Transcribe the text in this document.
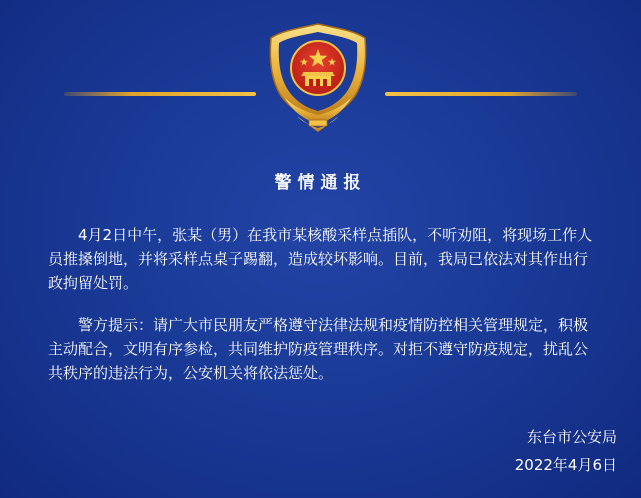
警情通报

4月2日中午，张某（男）在我市某核酸采样点插队，不听劝阻，将现场工作人员推搡倒地，并将采样点桌子踢翻，造成较坏影响。目前，我局已依法对其作出行政拘留处罚。

警方提示：请广大市民朋友严格遵守法律法规和疫情防控相关管理规定，积极主动配合，文明有序参检，共同维护防疫管理秩序。对拒不遵守防疫规定，扰乱公共秩序的违法行为，公安机关将依法惩处。

东台市公安局
2022年4月6日
